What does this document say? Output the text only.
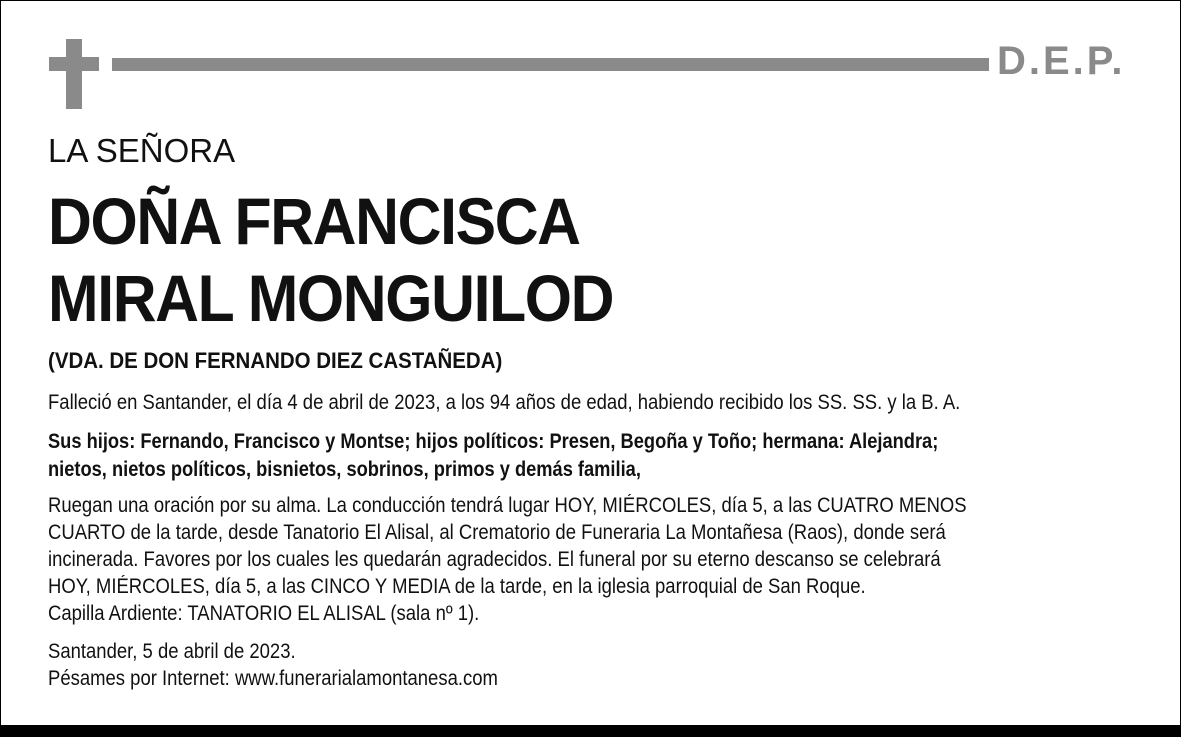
D.E.P.
LA SEÑORA
DOÑA FRANCISCA
MIRAL MONGUILOD
(VDA. DE DON FERNANDO DIEZ CASTAÑEDA)
Falleció en Santander, el día 4 de abril de 2023, a los 94 años de edad, habiendo recibido los SS. SS. y la B. A.
Sus hijos: Fernando, Francisco y Montse; hijos políticos: Presen, Begoña y Toño; hermana: Alejandra;
nietos, nietos políticos, bisnietos, sobrinos, primos y demás familia,
Ruegan una oración por su alma. La conducción tendrá lugar HOY, MIÉRCOLES, día 5, a las CUATRO MENOS
CUARTO de la tarde, desde Tanatorio El Alisal, al Crematorio de Funeraria La Montañesa (Raos), donde será
incinerada. Favores por los cuales les quedarán agradecidos. El funeral por su eterno descanso se celebrará
HOY, MIÉRCOLES, día 5, a las CINCO Y MEDIA de la tarde, en la iglesia parroquial de San Roque.
Capilla Ardiente: TANATORIO EL ALISAL (sala nº 1).
Santander, 5 de abril de 2023.
Pésames por Internet: www.funerarialamontanesa.com
